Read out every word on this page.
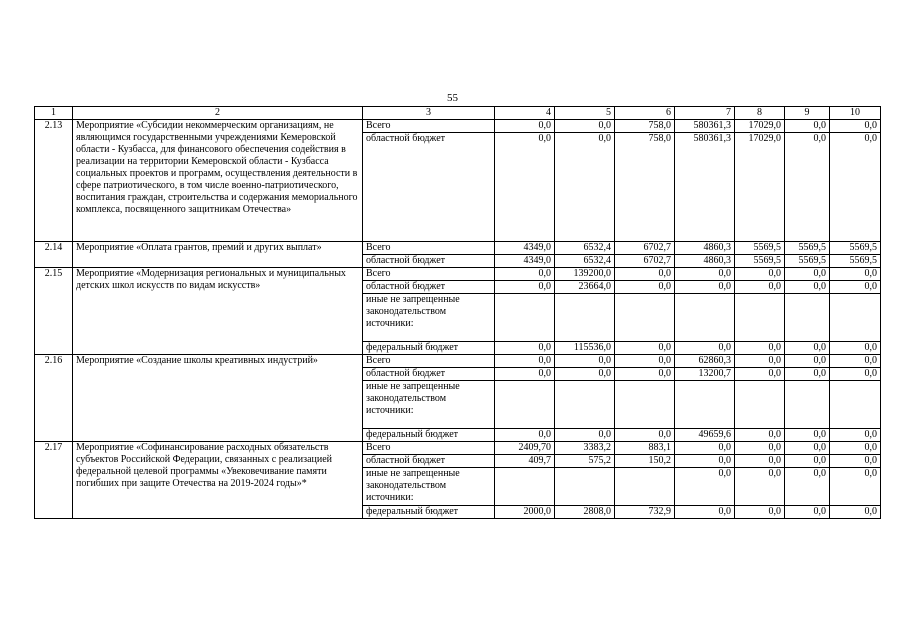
55
1	2	3	4	5	6	7	8	9	10
2.13	Мероприятие «Субсидии некоммерческим организациям, не являющимся государственными учреждениями Кемеровской области - Кузбасса, для финансового обеспечения содействия в реализации на территории Кемеровской области - Кузбасса социальных проектов и программ, осуществления деятельности в сфере патриотического, в том числе военно-патриотического, воспитания граждан, строительства и содержания мемориального комплекса, посвященного защитникам Отечества»	Всего	0,0	0,0	758,0	580361,3	17029,0	0,0	0,0
		областной бюджет	0,0	0,0	758,0	580361,3	17029,0	0,0	0,0
2.14	Мероприятие «Оплата грантов, премий и других выплат»	Всего	4349,0	6532,4	6702,7	4860,3	5569,5	5569,5	5569,5
		областной бюджет	4349,0	6532,4	6702,7	4860,3	5569,5	5569,5	5569,5
2.15	Мероприятие «Модернизация региональных и муниципальных детских школ искусств по видам искусств»	Всего	0,0	139200,0	0,0	0,0	0,0	0,0	0,0
		областной бюджет	0,0	23664,0	0,0	0,0	0,0	0,0	0,0
		иные не запрещенные законодательством источники:							
		федеральный бюджет	0,0	115536,0	0,0	0,0	0,0	0,0	0,0
2.16	Мероприятие «Создание школы креативных индустрий»	Всего	0,0	0,0	0,0	62860,3	0,0	0,0	0,0
		областной бюджет	0,0	0,0	0,0	13200,7	0,0	0,0	0,0
		иные не запрещенные законодательством источники:							
		федеральный бюджет	0,0	0,0	0,0	49659,6	0,0	0,0	0,0
2.17	Мероприятие «Софинансирование расходных обязательств субъектов Российской Федерации, связанных с реализацией федеральной целевой программы «Увековечивание памяти погибших при защите Отечества на 2019-2024 годы»*	Всего	2409,70	3383,2	883,1	0,0	0,0	0,0	0,0
		областной бюджет	409,7	575,2	150,2	0,0	0,0	0,0	0,0
		иные не запрещенные законодательством источники:				0,0	0,0	0,0	0,0
		федеральный бюджет	2000,0	2808,0	732,9	0,0	0,0	0,0	0,0
